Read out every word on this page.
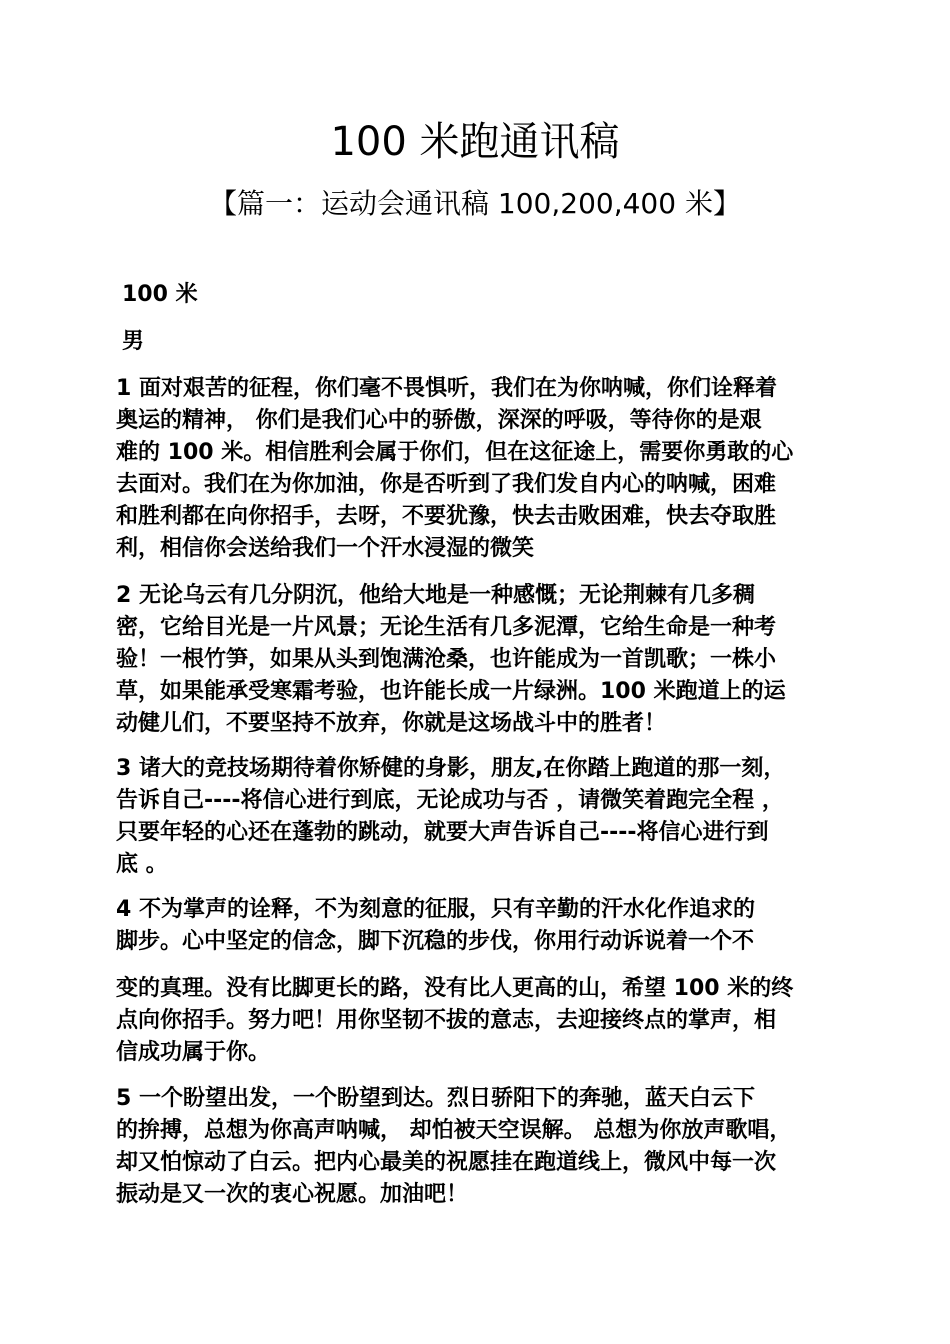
100 米跑通讯稿
【篇一：运动会通讯稿 100,200,400 米】

100 米

男

1 面对艰苦的征程，你们毫不畏惧听，我们在为你呐喊，你们诠释着
奥运的精神， 你们是我们心中的骄傲，深深的呼吸，等待你的是艰
难的 100 米。相信胜利会属于你们，但在这征途上，需要你勇敢的心
去面对。我们在为你加油，你是否听到了我们发自内心的呐喊，困难
和胜利都在向你招手，去呀，不要犹豫，快去击败困难，快去夺取胜
利，相信你会送给我们一个汗水浸湿的微笑
2 无论乌云有几分阴沉，他给大地是一种感慨；无论荆棘有几多稠
密，它给目光是一片风景；无论生活有几多泥潭，它给生命是一种考
验！一根竹笋，如果从头到饱满沧桑，也许能成为一首凯歌；一株小
草，如果能承受寒霜考验，也许能长成一片绿洲。100 米跑道上的运
动健儿们，不要坚持不放弃，你就是这场战斗中的胜者！
3 诸大的竞技场期待着你矫健的身影，朋友,在你踏上跑道的那一刻，
告诉自己----将信心进行到底，无论成功与否 ，请微笑着跑完全程 ，
只要年轻的心还在蓬勃的跳动，就要大声告诉自己----将信心进行到
底 。
4 不为掌声的诠释，不为刻意的征服，只有辛勤的汗水化作追求的
脚步。心中坚定的信念，脚下沉稳的步伐，你用行动诉说着一个不
变的真理。没有比脚更长的路，没有比人更高的山，希望 100 米的终
点向你招手。努力吧！用你坚韧不拔的意志，去迎接终点的掌声，相
信成功属于你。
5 一个盼望出发，一个盼望到达。烈日骄阳下的奔驰，蓝天白云下
的拚搏，总想为你高声呐喊， 却怕被天空误解。 总想为你放声歌唱，
却又怕惊动了白云。把内心最美的祝愿挂在跑道线上，微风中每一次
振动是又一次的衷心祝愿。加油吧！
